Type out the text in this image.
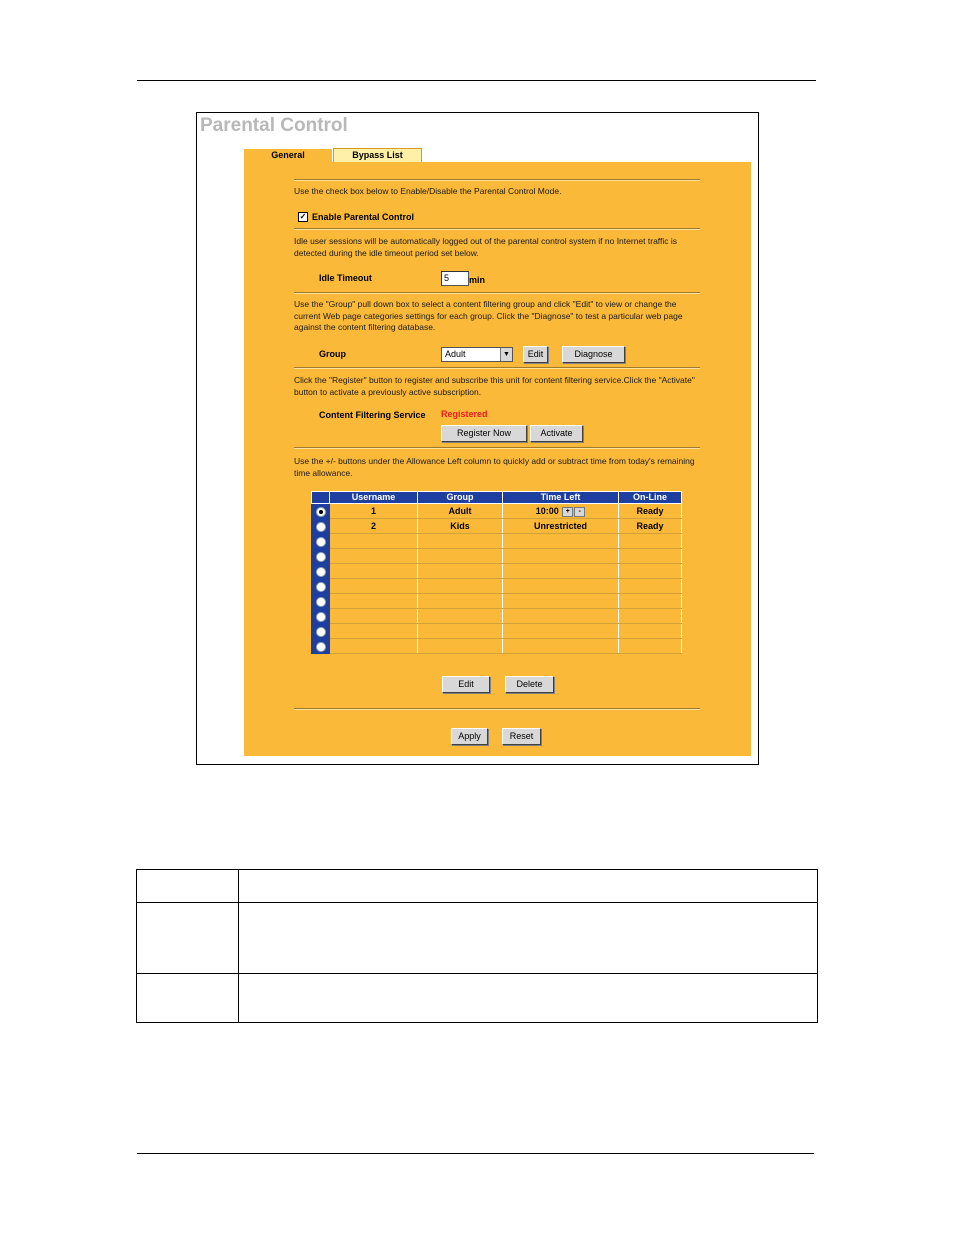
Parental Control
General	Bypass List
Use the check box below to Enable/Disable the Parental Control Mode.
✓ Enable Parental Control
Idle user sessions will be automatically logged out of the parental control system if no Internet traffic is detected during the idle timeout period set below.
Idle Timeout
5	min
Use the "Group" pull down box to select a content filtering group and click "Edit" to view or change the current Web page categories settings for each group. Click the "Diagnose" to test a particular web page against the content filtering database.
Group	Adult	▼	Edit	Diagnose
Click the "Register" button to register and subscribe this unit for content filtering service.Click the "Activate" button to activate a previously active subscription.
Content Filtering Service Registered
Register Now	Activate
Use the +/- buttons under the Allowance Left column to quickly add or subtract time from today's remaining time allowance.
	Username	Group	Time Left	On-Line
	1	Adult	10:00 + -	Ready
	2	Kids	Unrestricted	Ready

Edit	Delete
Apply	Reset
